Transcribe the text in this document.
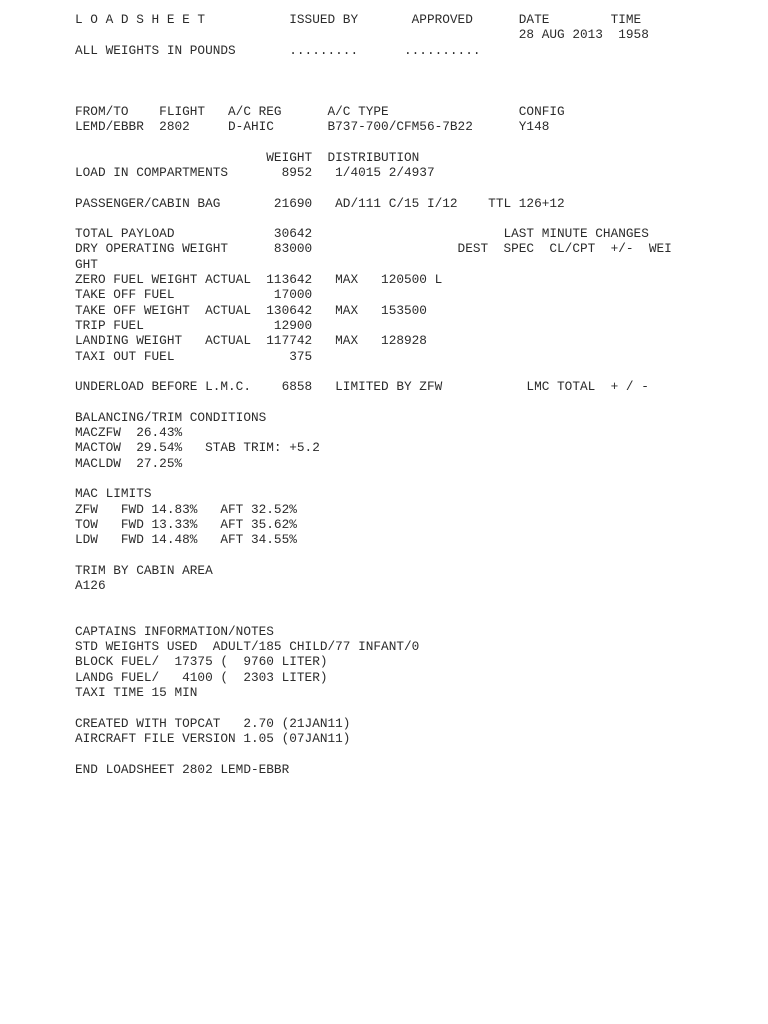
L O A D S H E E T           ISSUED BY       APPROVED      DATE        TIME
28 AUG 2013  1958
ALL WEIGHTS IN POUNDS       .........      ..........

FROM/TO    FLIGHT   A/C REG      A/C TYPE                 CONFIG
LEMD/EBBR  2802     D-AHIC       B737-700/CFM56-7B22      Y148

WEIGHT  DISTRIBUTION
LOAD IN COMPARTMENTS       8952   1/4015 2/4937

PASSENGER/CABIN BAG       21690   AD/111 C/15 I/12    TTL 126+12

TOTAL PAYLOAD             30642                         LAST MINUTE CHANGES
DRY OPERATING WEIGHT      83000                   DEST  SPEC  CL/CPT  +/-  WEI
GHT
ZERO FUEL WEIGHT ACTUAL  113642   MAX   120500 L
TAKE OFF FUEL             17000
TAKE OFF WEIGHT  ACTUAL  130642   MAX   153500
TRIP FUEL                 12900
LANDING WEIGHT   ACTUAL  117742   MAX   128928
TAXI OUT FUEL               375

UNDERLOAD BEFORE L.M.C.    6858   LIMITED BY ZFW           LMC TOTAL  + / -

BALANCING/TRIM CONDITIONS
MACZFW  26.43%
MACTOW  29.54%   STAB TRIM: +5.2
MACLDW  27.25%

MAC LIMITS
ZFW   FWD 14.83%   AFT 32.52%
TOW   FWD 13.33%   AFT 35.62%
LDW   FWD 14.48%   AFT 34.55%

TRIM BY CABIN AREA
A126

CAPTAINS INFORMATION/NOTES
STD WEIGHTS USED  ADULT/185 CHILD/77 INFANT/0
BLOCK FUEL/  17375 (  9760 LITER)
LANDG FUEL/   4100 (  2303 LITER)
TAXI TIME 15 MIN

CREATED WITH TOPCAT   2.70 (21JAN11)
AIRCRAFT FILE VERSION 1.05 (07JAN11)

END LOADSHEET 2802 LEMD-EBBR
